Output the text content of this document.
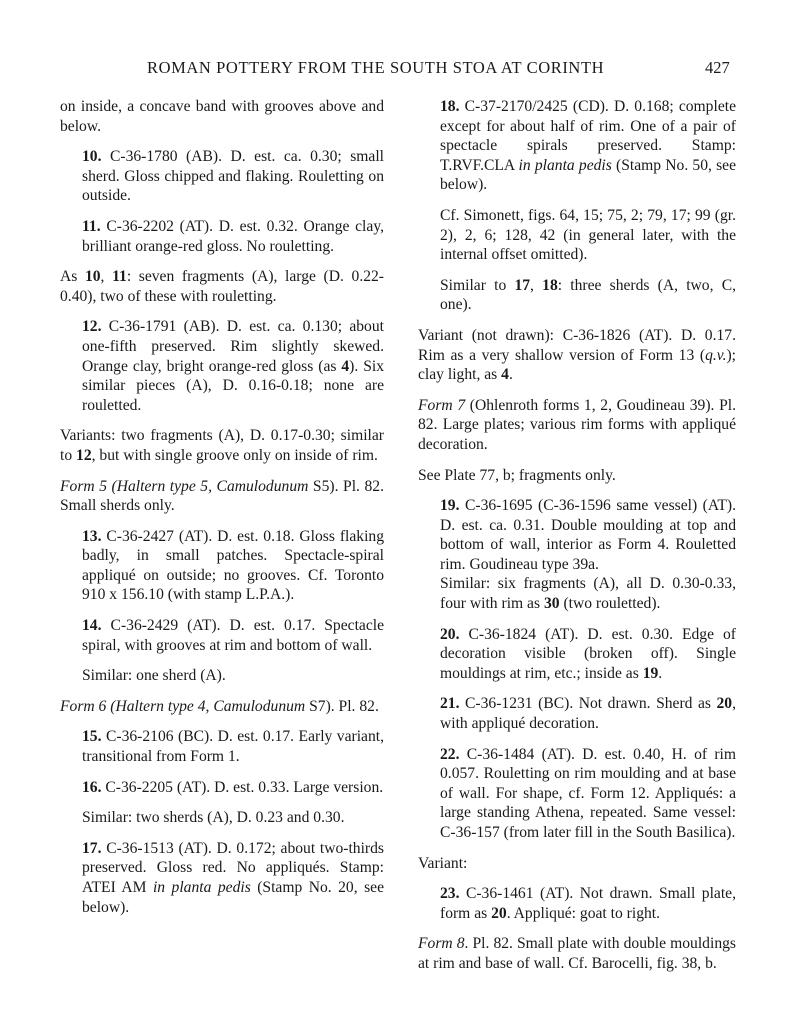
ROMAN POTTERY FROM THE SOUTH STOA AT CORINTH	427

on inside, a concave band with grooves above and below.

10. C-36-1780 (AB). D. est. ca. 0.30; small sherd. Gloss chipped and flaking. Rouletting on outside.

11. C-36-2202 (AT). D. est. 0.32. Orange clay, brilliant orange-red gloss. No rouletting.

As 10, 11: seven fragments (A), large (D. 0.22-0.40), two of these with rouletting.

12. C-36-1791 (AB). D. est. ca. 0.130; about one-fifth preserved. Rim slightly skewed. Orange clay, bright orange-red gloss (as 4). Six similar pieces (A), D. 0.16-0.18; none are rouletted.

Variants: two fragments (A), D. 0.17-0.30; similar to 12, but with single groove only on inside of rim.

Form 5 (Haltern type 5, Camulodunum S5). Pl. 82. Small sherds only.

13. C-36-2427 (AT). D. est. 0.18. Gloss flaking badly, in small patches. Spectacle-spiral appliqué on outside; no grooves. Cf. Toronto 910 x 156.10 (with stamp L.P.A.).

14. C-36-2429 (AT). D. est. 0.17. Spectacle spiral, with grooves at rim and bottom of wall.

Similar: one sherd (A).

Form 6 (Haltern type 4, Camulodunum S7). Pl. 82.

15. C-36-2106 (BC). D. est. 0.17. Early variant, transitional from Form 1.

16. C-36-2205 (AT). D. est. 0.33. Large version.

Similar: two sherds (A), D. 0.23 and 0.30.

17. C-36-1513 (AT). D. 0.172; about two-thirds preserved. Gloss red. No appliqués. Stamp: ATEI AM in planta pedis (Stamp No. 20, see below).

18. C-37-2170/2425 (CD). D. 0.168; complete except for about half of rim. One of a pair of spectacle spirals preserved. Stamp: T.RVF.CLA in planta pedis (Stamp No. 50, see below).

Cf. Simonett, figs. 64, 15; 75, 2; 79, 17; 99 (gr. 2), 2, 6; 128, 42 (in general later, with the internal offset omitted).

Similar to 17, 18: three sherds (A, two, C, one).

Variant (not drawn): C-36-1826 (AT). D. 0.17. Rim as a very shallow version of Form 13 (q.v.); clay light, as 4.

Form 7 (Ohlenroth forms 1, 2, Goudineau 39). Pl. 82. Large plates; various rim forms with appliqué decoration.

See Plate 77, b; fragments only.

19. C-36-1695 (C-36-1596 same vessel) (AT). D. est. ca. 0.31. Double moulding at top and bottom of wall, interior as Form 4. Rouletted rim. Goudineau type 39a.

Similar: six fragments (A), all D. 0.30-0.33, four with rim as 30 (two rouletted).

20. C-36-1824 (AT). D. est. 0.30. Edge of decoration visible (broken off). Single mouldings at rim, etc.; inside as 19.

21. C-36-1231 (BC). Not drawn. Sherd as 20, with appliqué decoration.

22. C-36-1484 (AT). D. est. 0.40, H. of rim 0.057. Rouletting on rim moulding and at base of wall. For shape, cf. Form 12. Appliqués: a large standing Athena, repeated. Same vessel: C-36-157 (from later fill in the South Basilica).

Variant:

23. C-36-1461 (AT). Not drawn. Small plate, form as 20. Appliqué: goat to right.

Form 8. Pl. 82. Small plate with double mouldings at rim and base of wall. Cf. Barocelli, fig. 38, b.
